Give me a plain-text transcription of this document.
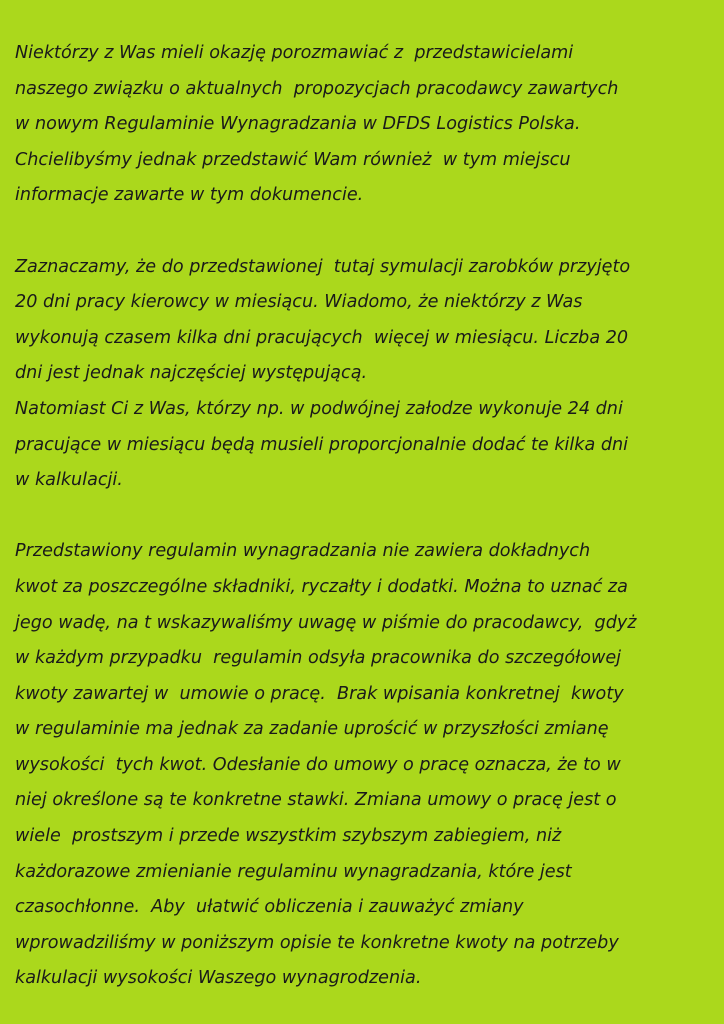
Niektórzy z Was mieli okazję porozmawiać z  przedstawicielami
naszego związku o aktualnych  propozycjach pracodawcy zawartych
w nowym Regulaminie Wynagradzania w DFDS Logistics Polska.
Chcielibyśmy jednak przedstawić Wam również  w tym miejscu
informacje zawarte w tym dokumencie.

Zaznaczamy, że do przedstawionej  tutaj symulacji zarobków przyjęto
20 dni pracy kierowcy w miesiącu. Wiadomo, że niektórzy z Was
wykonują czasem kilka dni pracujących  więcej w miesiącu. Liczba 20
dni jest jednak najczęściej występującą.
Natomiast Ci z Was, którzy np. w podwójnej załodze wykonuje 24 dni
pracujące w miesiącu będą musieli proporcjonalnie dodać te kilka dni
w kalkulacji.

Przedstawiony regulamin wynagradzania nie zawiera dokładnych
kwot za poszczególne składniki, ryczałty i dodatki. Można to uznać za
jego wadę, na t wskazywaliśmy uwagę w piśmie do pracodawcy,  gdyż
w każdym przypadku  regulamin odsyła pracownika do szczegółowej
kwoty zawartej w  umowie o pracę.  Brak wpisania konkretnej  kwoty
w regulaminie ma jednak za zadanie uprościć w przyszłości zmianę
wysokości  tych kwot. Odesłanie do umowy o pracę oznacza, że to w
niej określone są te konkretne stawki. Zmiana umowy o pracę jest o
wiele  prostszym i przede wszystkim szybszym zabiegiem, niż
każdorazowe zmienianie regulaminu wynagradzania, które jest
czasochłonne.  Aby  ułatwić obliczenia i zauważyć zmiany
wprowadziliśmy w poniższym opisie te konkretne kwoty na potrzeby
kalkulacji wysokości Waszego wynagrodzenia.
